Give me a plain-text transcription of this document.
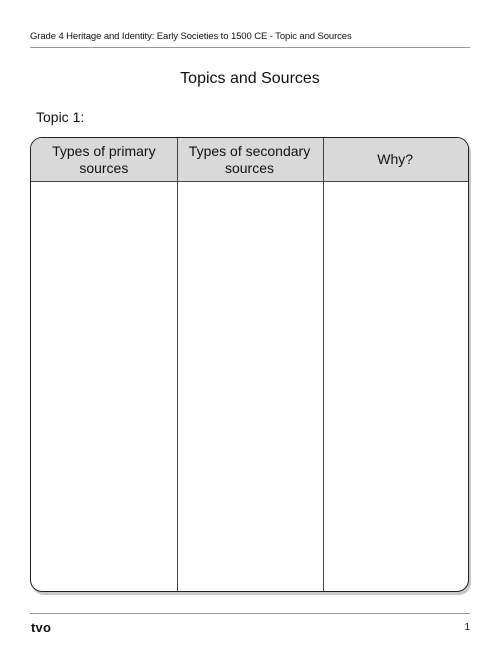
Grade 4 Heritage and Identity: Early Societies to 1500 CE - Topic and Sources
Topics and Sources
Topic 1:
Types of primary sources
Types of secondary sources
Why?
tvo	1
